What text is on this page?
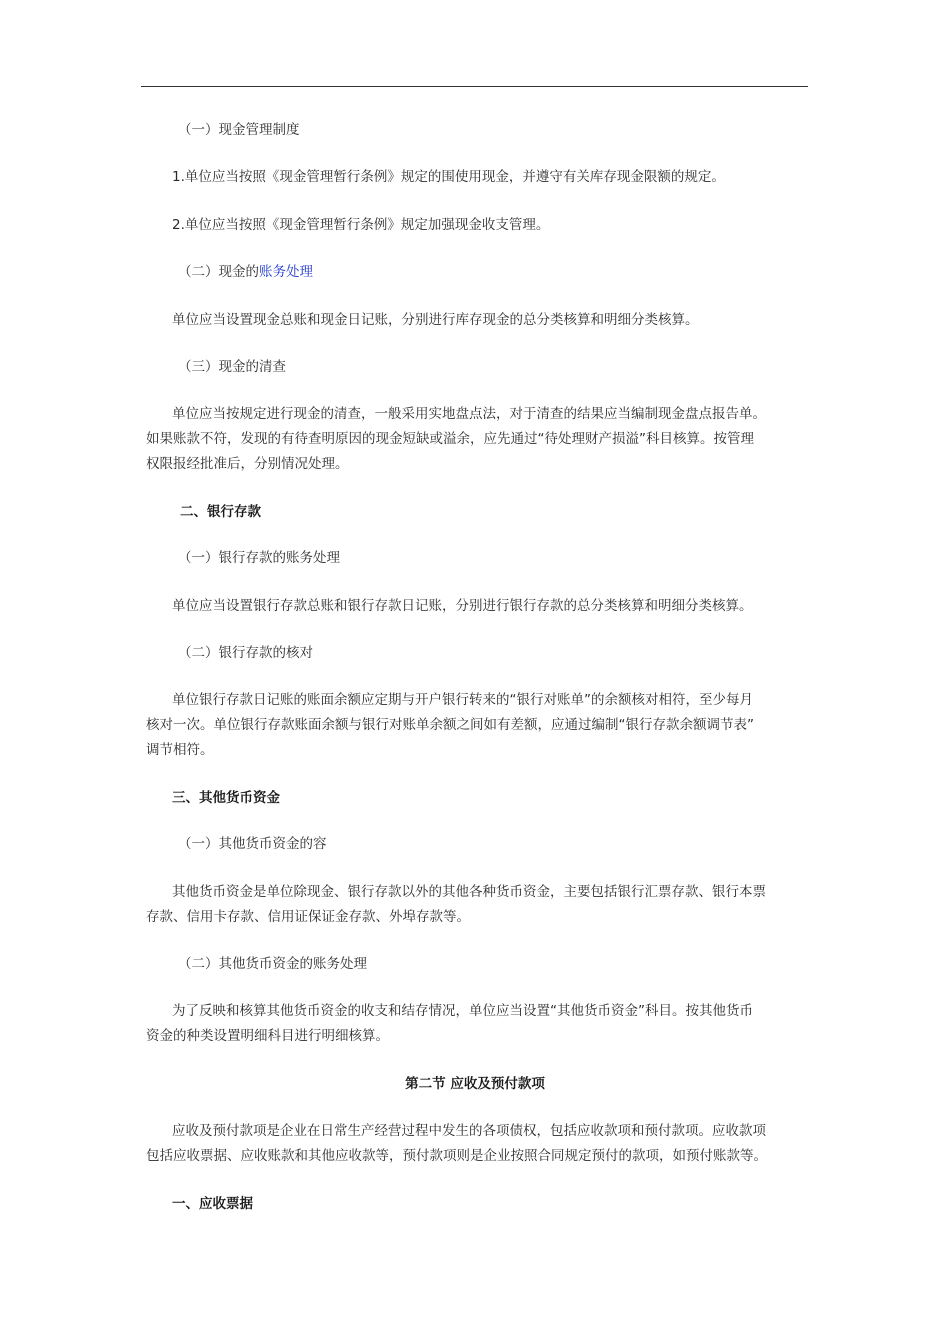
（一）现金管理制度
1.单位应当按照《现金管理暂行条例》规定的围使用现金，并遵守有关库存现金限额的规定。
2.单位应当按照《现金管理暂行条例》规定加强现金收支管理。
（二）现金的账务处理
单位应当设置现金总账和现金日记账，分别进行库存现金的总分类核算和明细分类核算。
（三）现金的清查
单位应当按规定进行现金的清查，一般采用实地盘点法，对于清查的结果应当编制现金盘点报告单。
如果账款不符，发现的有待查明原因的现金短缺或溢余，应先通过“待处理财产损溢”科目核算。按管理
权限报经批准后，分别情况处理。
二、银行存款
（一）银行存款的账务处理
单位应当设置银行存款总账和银行存款日记账，分别进行银行存款的总分类核算和明细分类核算。
（二）银行存款的核对
单位银行存款日记账的账面余额应定期与开户银行转来的“银行对账单”的余额核对相符，至少每月
核对一次。单位银行存款账面余额与银行对账单余额之间如有差额，应通过编制“银行存款余额调节表”
调节相符。
三、其他货币资金
（一）其他货币资金的容
其他货币资金是单位除现金、银行存款以外的其他各种货币资金，主要包括银行汇票存款、银行本票
存款、信用卡存款、信用证保证金存款、外埠存款等。
（二）其他货币资金的账务处理
为了反映和核算其他货币资金的收支和结存情况，单位应当设置“其他货币资金”科目。按其他货币
资金的种类设置明细科目进行明细核算。
第二节 应收及预付款项
应收及预付款项是企业在日常生产经营过程中发生的各项债权，包括应收款项和预付款项。应收款项
包括应收票据、应收账款和其他应收款等，预付款项则是企业按照合同规定预付的款项，如预付账款等。
一、应收票据
